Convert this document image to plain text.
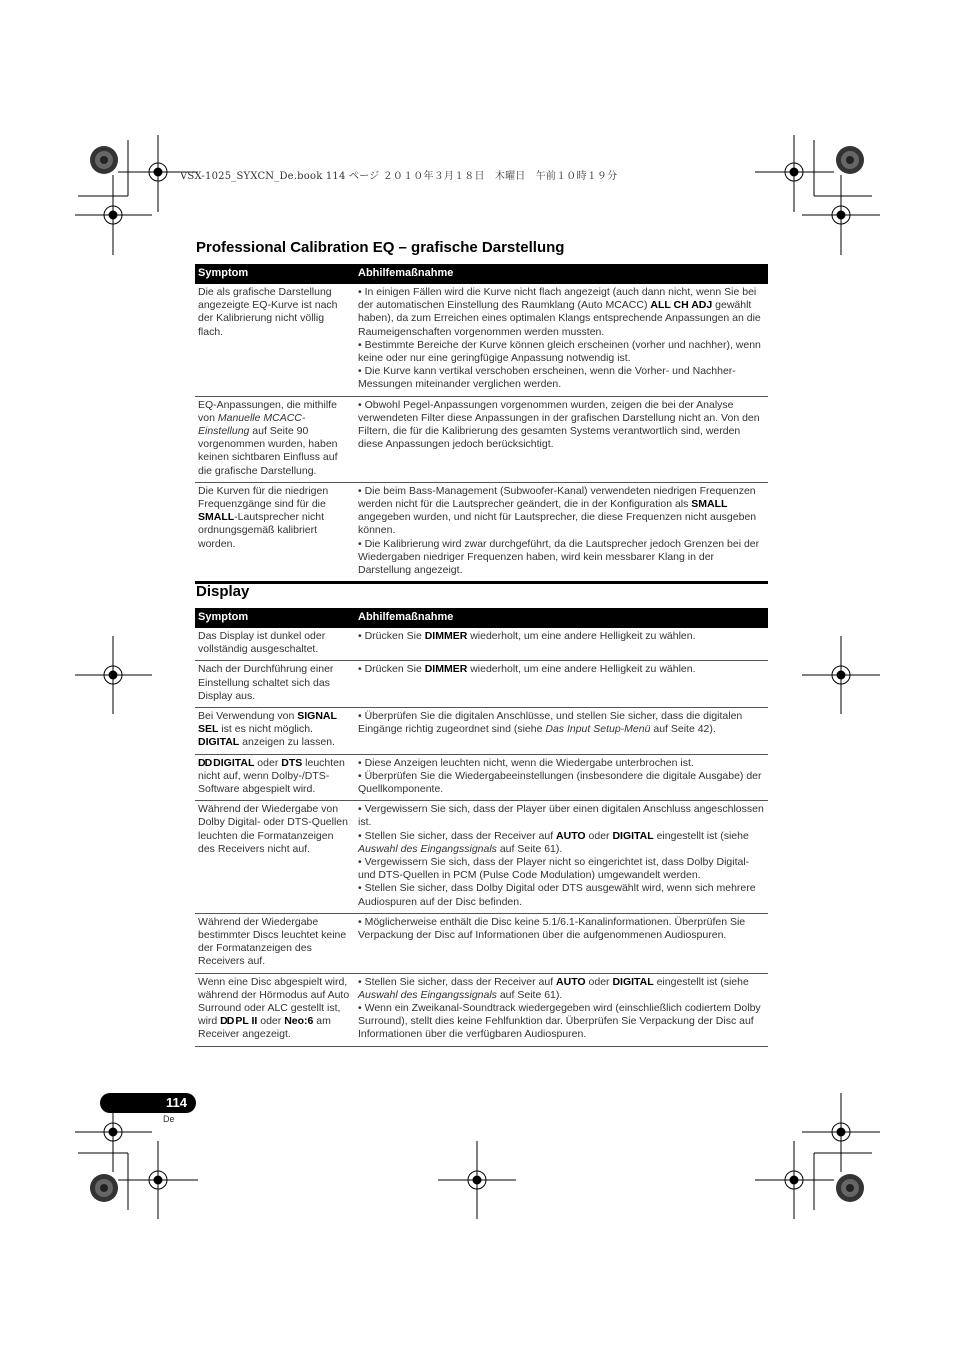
VSX-1025_SYXCN_De.book 114 ページ ２０１０年３月１８日　木曜日　午前１０時１９分
Professional Calibration EQ – grafische Darstellung
Symptom	Abhilfemaßnahme
Die als grafische Darstellung angezeigte EQ-Kurve ist nach der Kalibrierung nicht völlig flach.	• In einigen Fällen wird die Kurve nicht flach angezeigt (auch dann nicht, wenn Sie bei der automatischen Einstellung des Raumklang (Auto MCACC) ALL CH ADJ gewählt haben), da zum Erreichen eines optimalen Klangs entsprechende Anpassungen an die Raumeigenschaften vorgenommen werden mussten.
• Bestimmte Bereiche der Kurve können gleich erscheinen (vorher und nachher), wenn keine oder nur eine geringfügige Anpassung notwendig ist.
• Die Kurve kann vertikal verschoben erscheinen, wenn die Vorher- und Nachher-Messungen miteinander verglichen werden.
EQ-Anpassungen, die mithilfe von Manuelle MCACC-Einstellung auf Seite 90 vorgenommen wurden, haben keinen sichtbaren Einfluss auf die grafische Darstellung.	• Obwohl Pegel-Anpassungen vorgenommen wurden, zeigen die bei der Analyse verwendeten Filter diese Anpassungen in der grafischen Darstellung nicht an. Von den Filtern, die für die Kalibrierung des gesamten Systems verantwortlich sind, werden diese Anpassungen jedoch berücksichtigt.
Die Kurven für die niedrigen Frequenzgänge sind für die SMALL-Lautsprecher nicht ordnungsgemäß kalibriert worden.	• Die beim Bass-Management (Subwoofer-Kanal) verwendeten niedrigen Frequenzen werden nicht für die Lautsprecher geändert, die in der Konfiguration als SMALL angegeben wurden, und nicht für Lautsprecher, die diese Frequenzen nicht ausgeben können.
• Die Kalibrierung wird zwar durchgeführt, da die Lautsprecher jedoch Grenzen bei der Wiedergaben niedriger Frequenzen haben, wird kein messbarer Klang in der Darstellung angezeigt.
Display
Symptom	Abhilfemaßnahme
Das Display ist dunkel oder vollständig ausgeschaltet.	• Drücken Sie DIMMER wiederholt, um eine andere Helligkeit zu wählen.
Nach der Durchführung einer Einstellung schaltet sich das Display aus.	• Drücken Sie DIMMER wiederholt, um eine andere Helligkeit zu wählen.
Bei Verwendung von SIGNAL SEL ist es nicht möglich. DIGITAL anzeigen zu lassen.	• Überprüfen Sie die digitalen Anschlüsse, und stellen Sie sicher, dass die digitalen Eingänge richtig zugeordnet sind (siehe Das Input Setup-Menü auf Seite 42).
DD DIGITAL oder DTS leuchten nicht auf, wenn Dolby-/DTS-Software abgespielt wird.	• Diese Anzeigen leuchten nicht, wenn die Wiedergabe unterbrochen ist.
• Überprüfen Sie die Wiedergabeeinstellungen (insbesondere die digitale Ausgabe) der Quellkomponente.
Während der Wiedergabe von Dolby Digital- oder DTS-Quellen leuchten die Formatanzeigen des Receivers nicht auf.	• Vergewissern Sie sich, dass der Player über einen digitalen Anschluss angeschlossen ist.
• Stellen Sie sicher, dass der Receiver auf AUTO oder DIGITAL eingestellt ist (siehe Auswahl des Eingangssignals auf Seite 61).
• Vergewissern Sie sich, dass der Player nicht so eingerichtet ist, dass Dolby Digital- und DTS-Quellen in PCM (Pulse Code Modulation) umgewandelt werden.
• Stellen Sie sicher, dass Dolby Digital oder DTS ausgewählt wird, wenn sich mehrere Audiospuren auf der Disc befinden.
Während der Wiedergabe bestimmter Discs leuchtet keine der Formatanzeigen des Receivers auf.	• Möglicherweise enthält die Disc keine 5.1/6.1-Kanalinformationen. Überprüfen Sie Verpackung der Disc auf Informationen über die aufgenommenen Audiospuren.
Wenn eine Disc abgespielt wird, während der Hörmodus auf Auto Surround oder ALC gestellt ist, wird DD PL II oder Neo:6 am Receiver angezeigt.	• Stellen Sie sicher, dass der Receiver auf AUTO oder DIGITAL eingestellt ist (siehe Auswahl des Eingangssignals auf Seite 61).
• Wenn ein Zweikanal-Soundtrack wiedergegeben wird (einschließlich codiertem Dolby Surround), stellt dies keine Fehlfunktion dar. Überprüfen Sie Verpackung der Disc auf Informationen über die verfügbaren Audiospuren.
114
De
